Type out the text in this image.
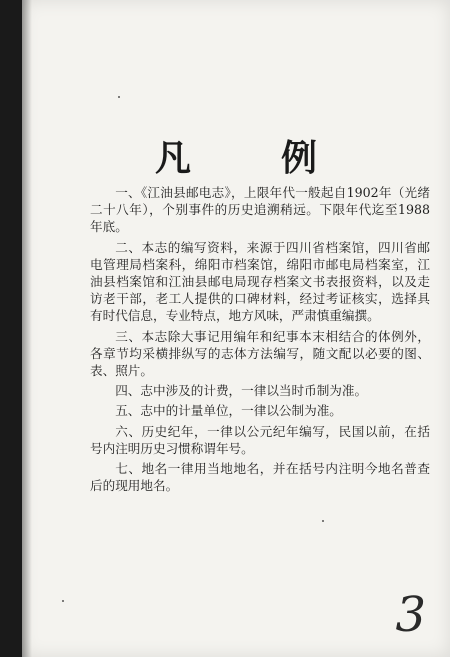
凡	例

一、《江油县邮电志》，上限年代一般起自1902年（光绪二十八年），个别事件的历史追溯稍远。下限年代迄至1988年底。

二、本志的编写资料，来源于四川省档案馆，四川省邮电管理局档案科，绵阳市档案馆，绵阳市邮电局档案室，江油县档案馆和江油县邮电局现存档案文书表报资料，以及走访老干部，老工人提供的口碑材料，经过考证核实，选择具有时代信息，专业特点，地方风味，严肃慎重编撰。

三、本志除大事记用编年和纪事本末相结合的体例外，各章节均采横排纵写的志体方法编写，随文配以必要的图、表、照片。

四、志中涉及的计费，一律以当时币制为准。

五、志中的计量单位，一律以公制为准。

六、历史纪年，一律以公元纪年编写，民国以前，在括号内注明历史习惯称谓年号。

七、地名一律用当地地名，并在括号内注明今地名普查后的现用地名。

3
